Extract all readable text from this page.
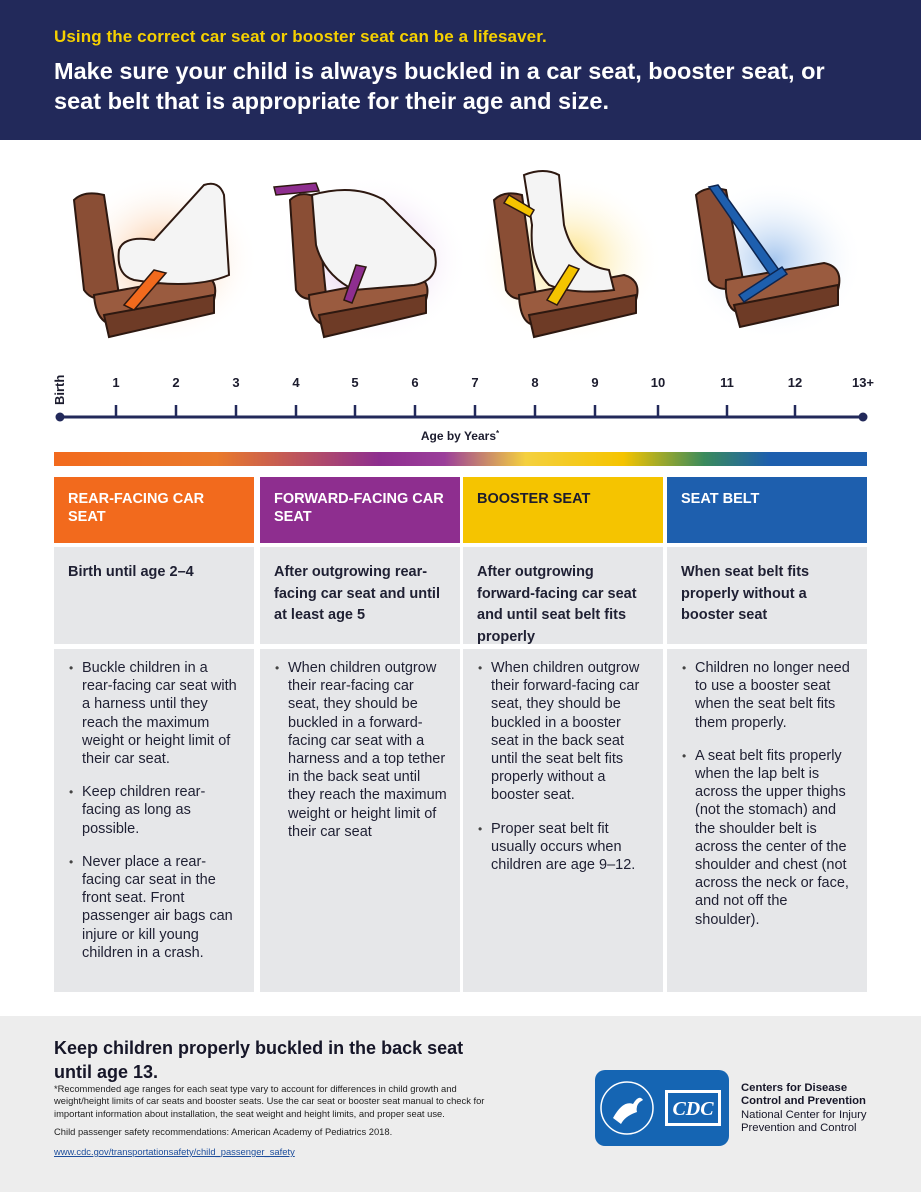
Using the correct car seat or booster seat can be a lifesaver.
Make sure your child is always buckled in a car seat, booster seat, or seat belt that is appropriate for their age and size.
Birth	1	2	3	4	5	6	7	8	9	10	11	12	13+
Age by Years*
REAR-FACING CAR SEAT
Birth until age 2–4
• Buckle children in a rear-facing car seat with a harness until they reach the maximum weight or height limit of their car seat.
• Keep children rear-facing as long as possible.
• Never place a rear-facing car seat in the front seat. Front passenger air bags can injure or kill young children in a crash.
FORWARD-FACING CAR SEAT
After outgrowing rear-facing car seat and until at least age 5
• When children outgrow their rear-facing car seat, they should be buckled in a forward-facing car seat with a harness and a top tether in the back seat until they reach the maximum weight or height limit of their car seat
BOOSTER SEAT
After outgrowing forward-facing car seat and until seat belt fits properly
• When children outgrow their forward-facing car seat, they should be buckled in a booster seat in the back seat until the seat belt fits properly without a booster seat.
• Proper seat belt fit usually occurs when children are age 9–12.
SEAT BELT
When seat belt fits properly without a booster seat
• Children no longer need to use a booster seat when the seat belt fits them properly.
• A seat belt fits properly when the lap belt is across the upper thighs (not the stomach) and the shoulder belt is across the center of the shoulder and chest (not across the neck or face, and not off the shoulder).
Keep children properly buckled in the back seat until age 13.
*Recommended age ranges for each seat type vary to account for differences in child growth and weight/height limits of car seats and booster seats. Use the car seat or booster seat manual to check for important information about installation, the seat weight and height limits, and proper seat use.
Child passenger safety recommendations: American Academy of Pediatrics 2018.
www.cdc.gov/transportationsafety/child_passenger_safety
CDC
Centers for Disease
Control and Prevention
National Center for Injury
Prevention and Control
